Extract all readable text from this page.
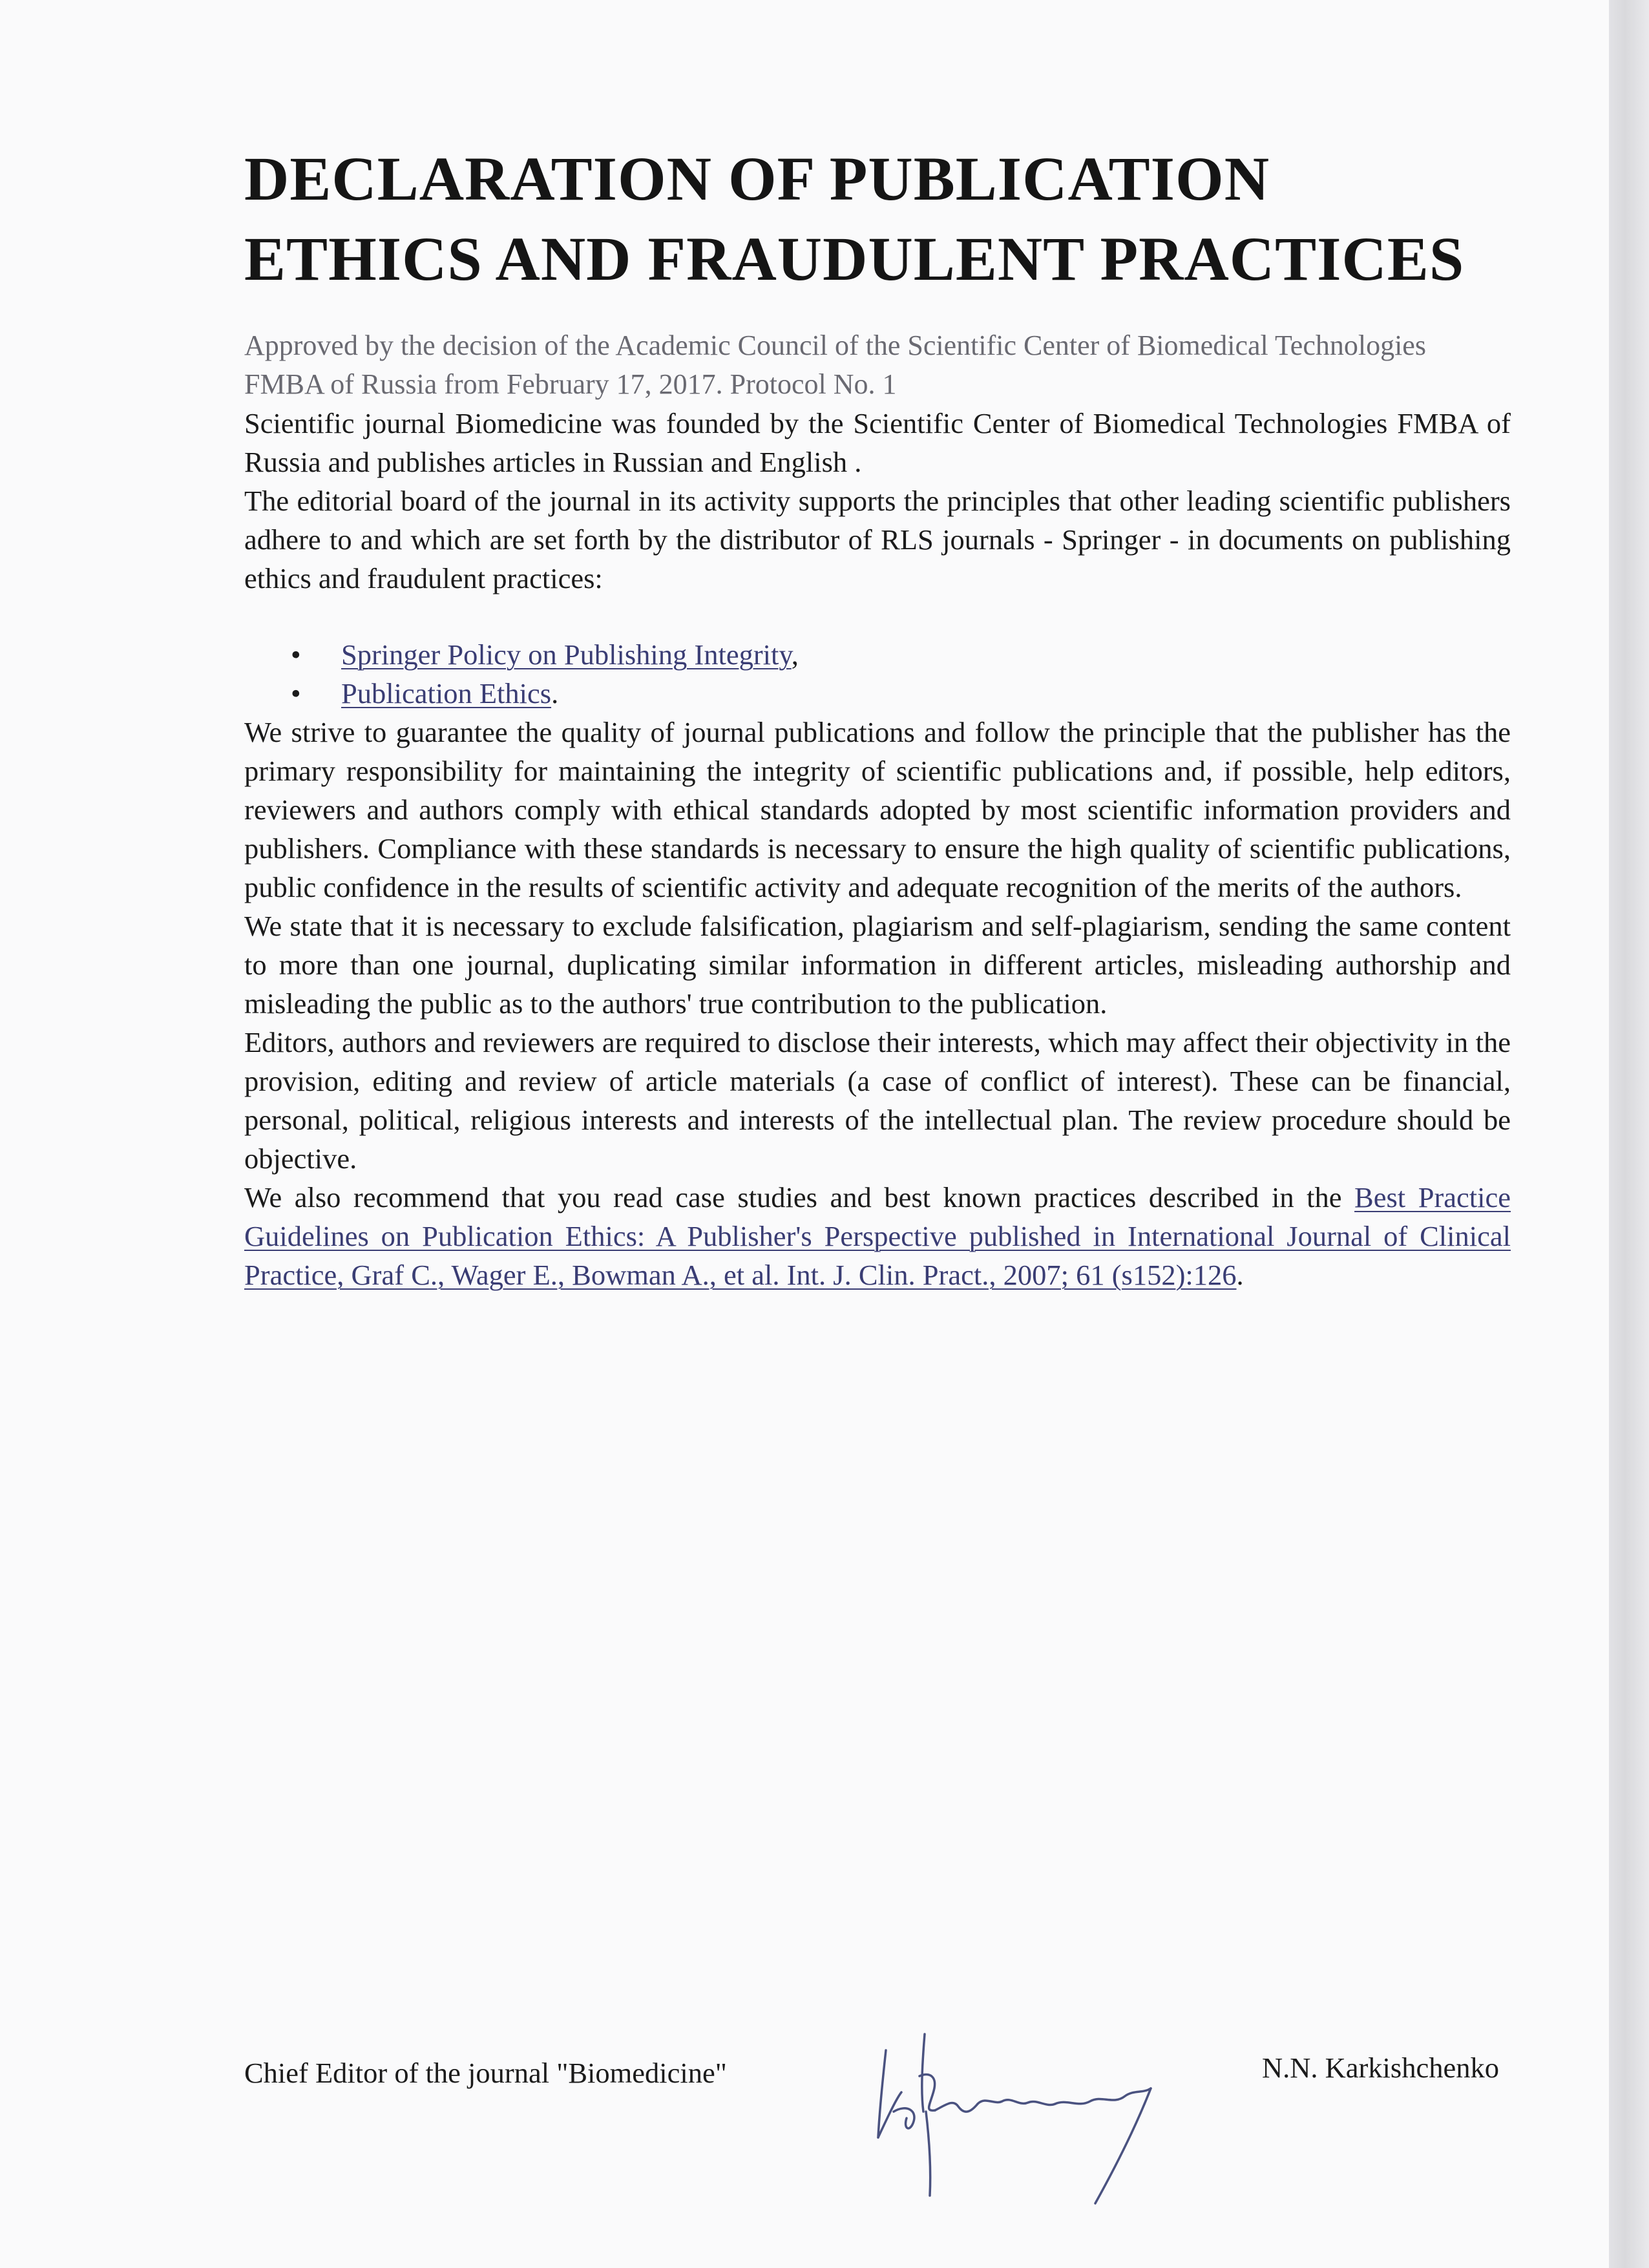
DECLARATION OF PUBLICATION
ETHICS AND FRAUDULENT PRACTICES
Approved by the decision of the Academic Council of the Scientific Center of Biomedical Technologies FMBA of Russia from February 17, 2017. Protocol No. 1

Scientific journal Biomedicine was founded by the Scientific Center of Biomedical Technologies FMBA of Russia and publishes articles in Russian and English .

The editorial board of the journal in its activity supports the principles that other leading scientific publishers adhere to and which are set forth by the distributor of RLS journals - Springer - in documents on publishing ethics and fraudulent practices:

• Springer Policy on Publishing Integrity,
• Publication Ethics.

We strive to guarantee the quality of journal publications and follow the principle that the publisher has the primary responsibility for maintaining the integrity of scientific publications and, if possible, help editors, reviewers and authors comply with ethical standards adopted by most scientific information providers and publishers. Compliance with these standards is necessary to ensure the high quality of scientific publications, public confidence in the results of scientific activity and adequate recognition of the merits of the authors.

We state that it is necessary to exclude falsification, plagiarism and self-plagiarism, sending the same content to more than one journal, duplicating similar information in different articles, misleading authorship and misleading the public as to the authors' true contribution to the publication.

Editors, authors and reviewers are required to disclose their interests, which may affect their objectivity in the provision, editing and review of article materials (a case of conflict of interest). These can be financial, personal, political, religious interests and interests of the intellectual plan. The review procedure should be objective.

We also recommend that you read case studies and best known practices described in the Best Practice Guidelines on Publication Ethics: A Publisher's Perspective published in International Journal of Clinical Practice, Graf C., Wager E., Bowman A., et al. Int. J. Clin. Pract., 2007; 61 (s152):126.

Chief Editor of the journal "Biomedicine"	N.N. Karkishchenko
